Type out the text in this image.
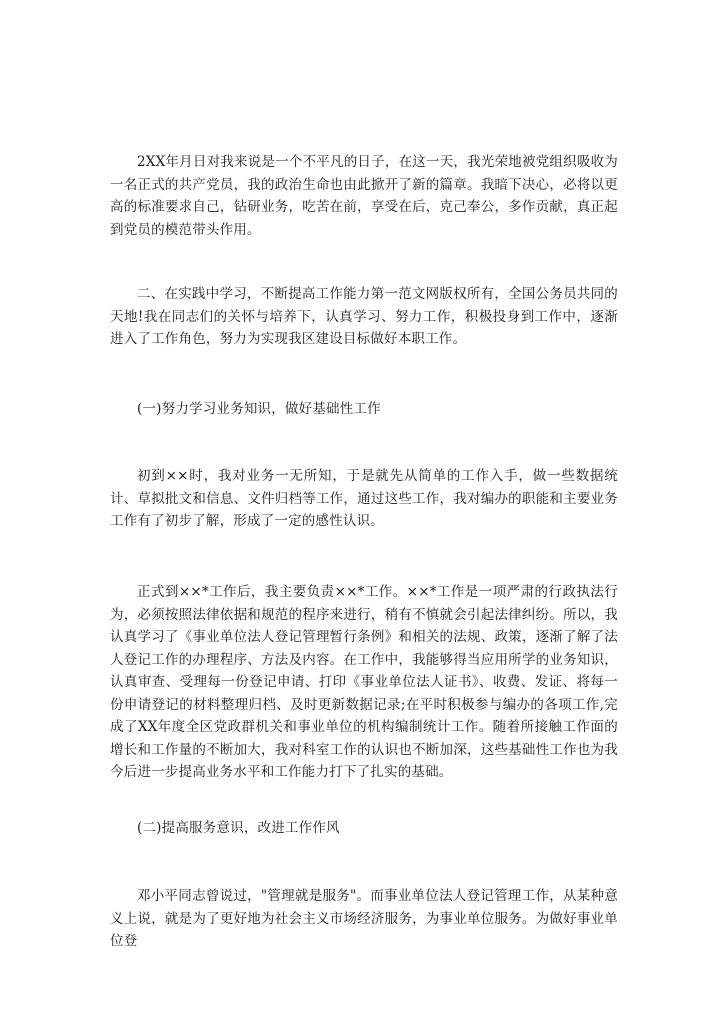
2XX年月日对我来说是一个不平凡的日子，在这一天，我光荣地被党组织吸收为一名正式的共产党员，我的政治生命也由此掀开了新的篇章。我暗下决心，必将以更高的标准要求自己，钻研业务，吃苦在前，享受在后，克己奉公，多作贡献，真正起到党员的模范带头作用。

二、在实践中学习，不断提高工作能力第一范文网版权所有，全国公务员共同的天地!我在同志们的关怀与培养下，认真学习、努力工作，积极投身到工作中，逐渐进入了工作角色，努力为实现我区建设目标做好本职工作。

(一)努力学习业务知识，做好基础性工作

初到××时，我对业务一无所知，于是就先从简单的工作入手，做一些数据统计、草拟批文和信息、文件归档等工作，通过这些工作，我对编办的职能和主要业务工作有了初步了解，形成了一定的感性认识。

正式到××*工作后，我主要负责××*工作。××*工作是一项严肃的行政执法行为，必须按照法律依据和规范的程序来进行，稍有不慎就会引起法律纠纷。所以，我认真学习了《事业单位法人登记管理暂行条例》和相关的法规、政策，逐渐了解了法人登记工作的办理程序、方法及内容。在工作中，我能够得当应用所学的业务知识，认真审查、受理每一份登记申请、打印《事业单位法人证书》、收费、发证、将每一份申请登记的材料整理归档、及时更新数据记录;在平时积极参与编办的各项工作,完成了XX年度全区党政群机关和事业单位的机构编制统计工作。随着所接触工作面的增长和工作量的不断加大，我对科室工作的认识也不断加深，这些基础性工作也为我今后进一步提高业务水平和工作能力打下了扎实的基础。

(二)提高服务意识，改进工作作风

邓小平同志曾说过，"管理就是服务"。而事业单位法人登记管理工作，从某种意义上说，就是为了更好地为社会主义市场经济服务，为事业单位服务。为做好事业单位登
